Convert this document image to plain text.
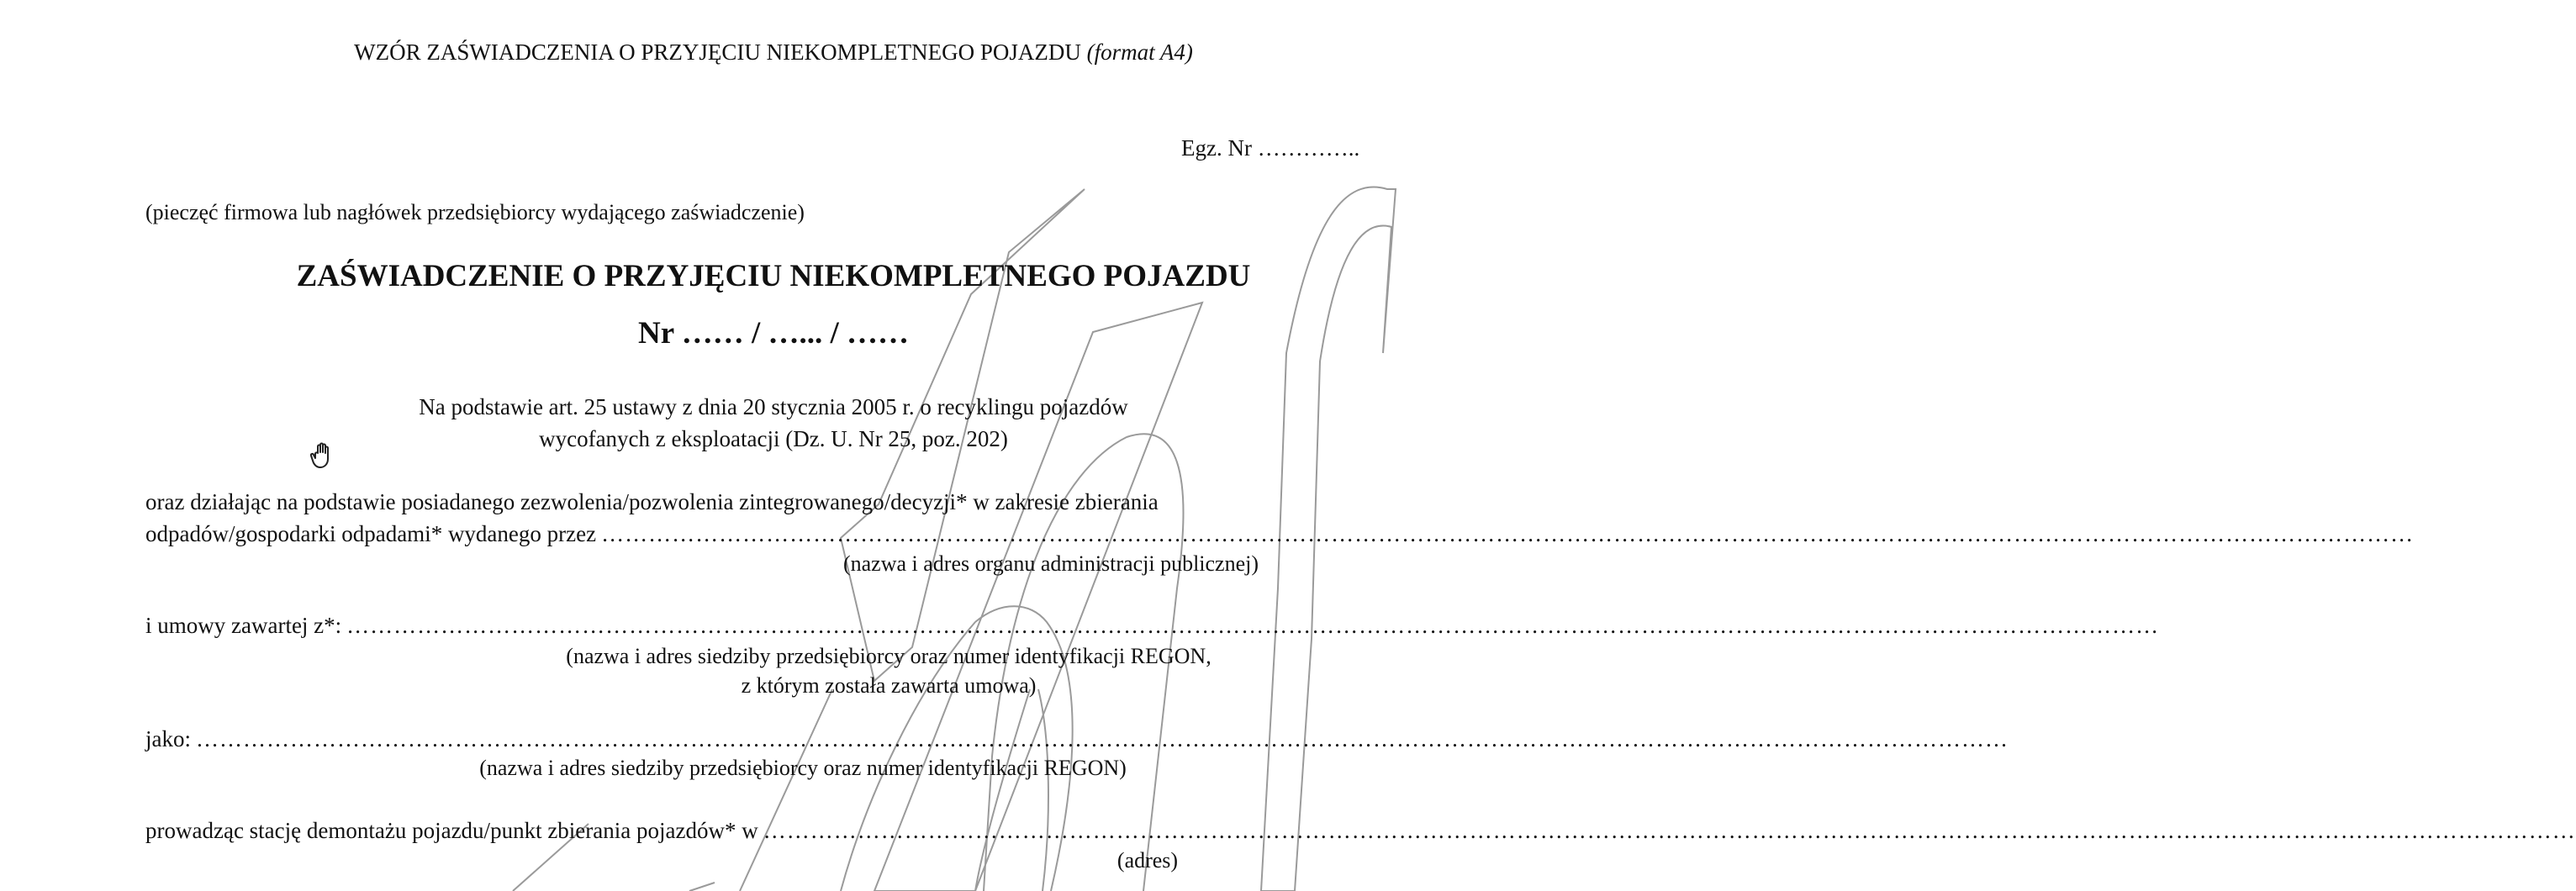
WZÓR ZAŚWIADCZENIA O PRZYJĘCIU NIEKOMPLETNEGO POJAZDU (format A4)
Egz. Nr …………..
(pieczęć firmowa lub nagłówek przedsiębiorcy wydającego zaświadczenie)
ZAŚWIADCZENIE O PRZYJĘCIU NIEKOMPLETNEGO POJAZDU
Nr …… / …... / ……
Na podstawie art. 25 ustawy z dnia 20 stycznia 2005 r. o recyklingu pojazdów
wycofanych z eksploatacji (Dz. U. Nr 25, poz. 202)
oraz działając na podstawie posiadanego zezwolenia/pozwolenia zintegrowanego/decyzji* w zakresie zbierania
odpadów/gospodarki odpadami* wydanego przez ……………………………………………………………………………………………………………………………………………………………………………………………………………
(nazwa i adres organu administracji publicznej)
i umowy zawartej z*: ……………………………………………………………………………………………………………………………………………………………………………………………………………
(nazwa i adres siedziby przedsiębiorcy oraz numer identyfikacji REGON,
z którym została zawarta umowa)
jako: ……………………………………………………………………………………………………………………………………………………………………………………………………………
(nazwa i adres siedziby przedsiębiorcy oraz numer identyfikacji REGON)
prowadząc stację demontażu pojazdu/punkt zbierania pojazdów* w ……………………………………………………………………………………………………………………………………………………………………………………………………………
(adres)
